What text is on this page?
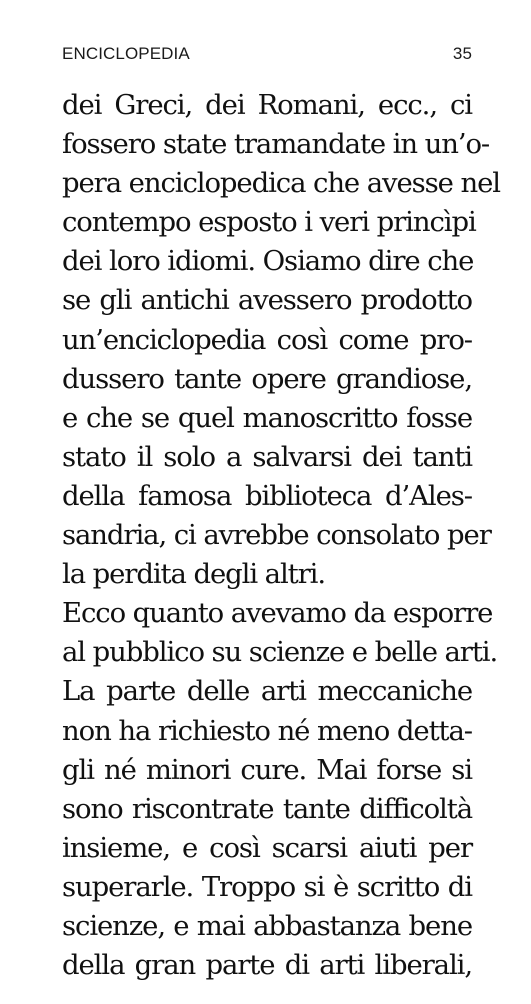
ENCICLOPEDIA	35
dei Greci, dei Romani, ecc., ci
fossero state tramandate in un’o-
pera enciclopedica che avesse nel
contempo esposto i veri princìpi
dei loro idiomi. Osiamo dire che
se gli antichi avessero prodotto
un’enciclopedia così come pro-
dussero tante opere grandiose,
e che se quel manoscritto fosse
stato il solo a salvarsi dei tanti
della famosa biblioteca d’Ales-
sandria, ci avrebbe consolato per
la perdita degli altri.
Ecco quanto avevamo da esporre
al pubblico su scienze e belle arti.
La parte delle arti meccaniche
non ha richiesto né meno detta-
gli né minori cure. Mai forse si
sono riscontrate tante difficoltà
insieme, e così scarsi aiuti per
superarle. Troppo si è scritto di
scienze, e mai abbastanza bene
della gran parte di arti liberali,
